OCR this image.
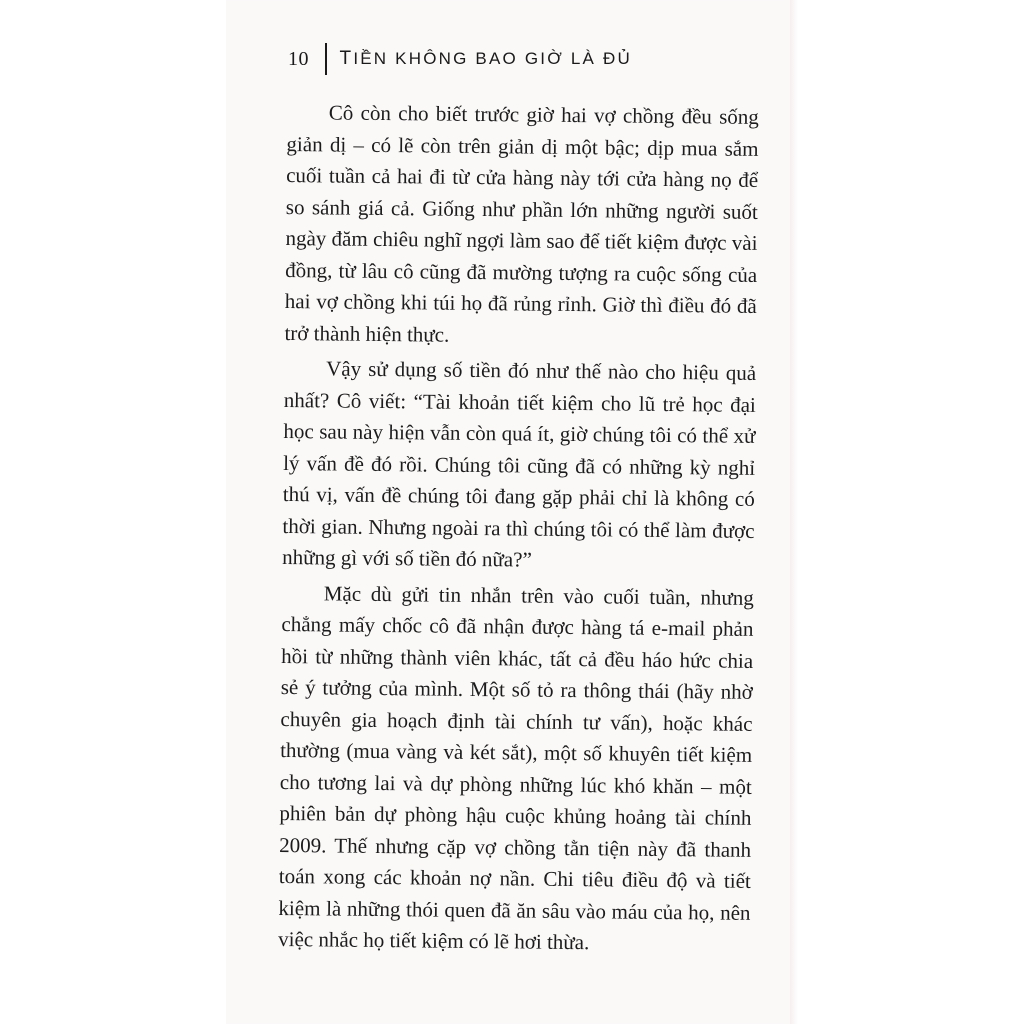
10 TIỀN KHÔNG BAO GIỜ LÀ ĐỦ

Cô còn cho biết trước giờ hai vợ chồng đều sống giản dị – có lẽ còn trên giản dị một bậc; dịp mua sắm cuối tuần cả hai đi từ cửa hàng này tới cửa hàng nọ để so sánh giá cả. Giống như phần lớn những người suốt ngày đăm chiêu nghĩ ngợi làm sao để tiết kiệm được vài đồng, từ lâu cô cũng đã mường tượng ra cuộc sống của hai vợ chồng khi túi họ đã rủng rỉnh. Giờ thì điều đó đã trở thành hiện thực.

Vậy sử dụng số tiền đó như thế nào cho hiệu quả nhất? Cô viết: “Tài khoản tiết kiệm cho lũ trẻ học đại học sau này hiện vẫn còn quá ít, giờ chúng tôi có thể xử lý vấn đề đó rồi. Chúng tôi cũng đã có những kỳ nghỉ thú vị, vấn đề chúng tôi đang gặp phải chỉ là không có thời gian. Nhưng ngoài ra thì chúng tôi có thể làm được những gì với số tiền đó nữa?”

Mặc dù gửi tin nhắn trên vào cuối tuần, nhưng chẳng mấy chốc cô đã nhận được hàng tá e-mail phản hồi từ những thành viên khác, tất cả đều háo hức chia sẻ ý tưởng của mình. Một số tỏ ra thông thái (hãy nhờ chuyên gia hoạch định tài chính tư vấn), hoặc khác thường (mua vàng và két sắt), một số khuyên tiết kiệm cho tương lai và dự phòng những lúc khó khăn – một phiên bản dự phòng hậu cuộc khủng hoảng tài chính 2009. Thế nhưng cặp vợ chồng tằn tiện này đã thanh toán xong các khoản nợ nần. Chi tiêu điều độ và tiết kiệm là những thói quen đã ăn sâu vào máu của họ, nên việc nhắc họ tiết kiệm có lẽ hơi thừa.
